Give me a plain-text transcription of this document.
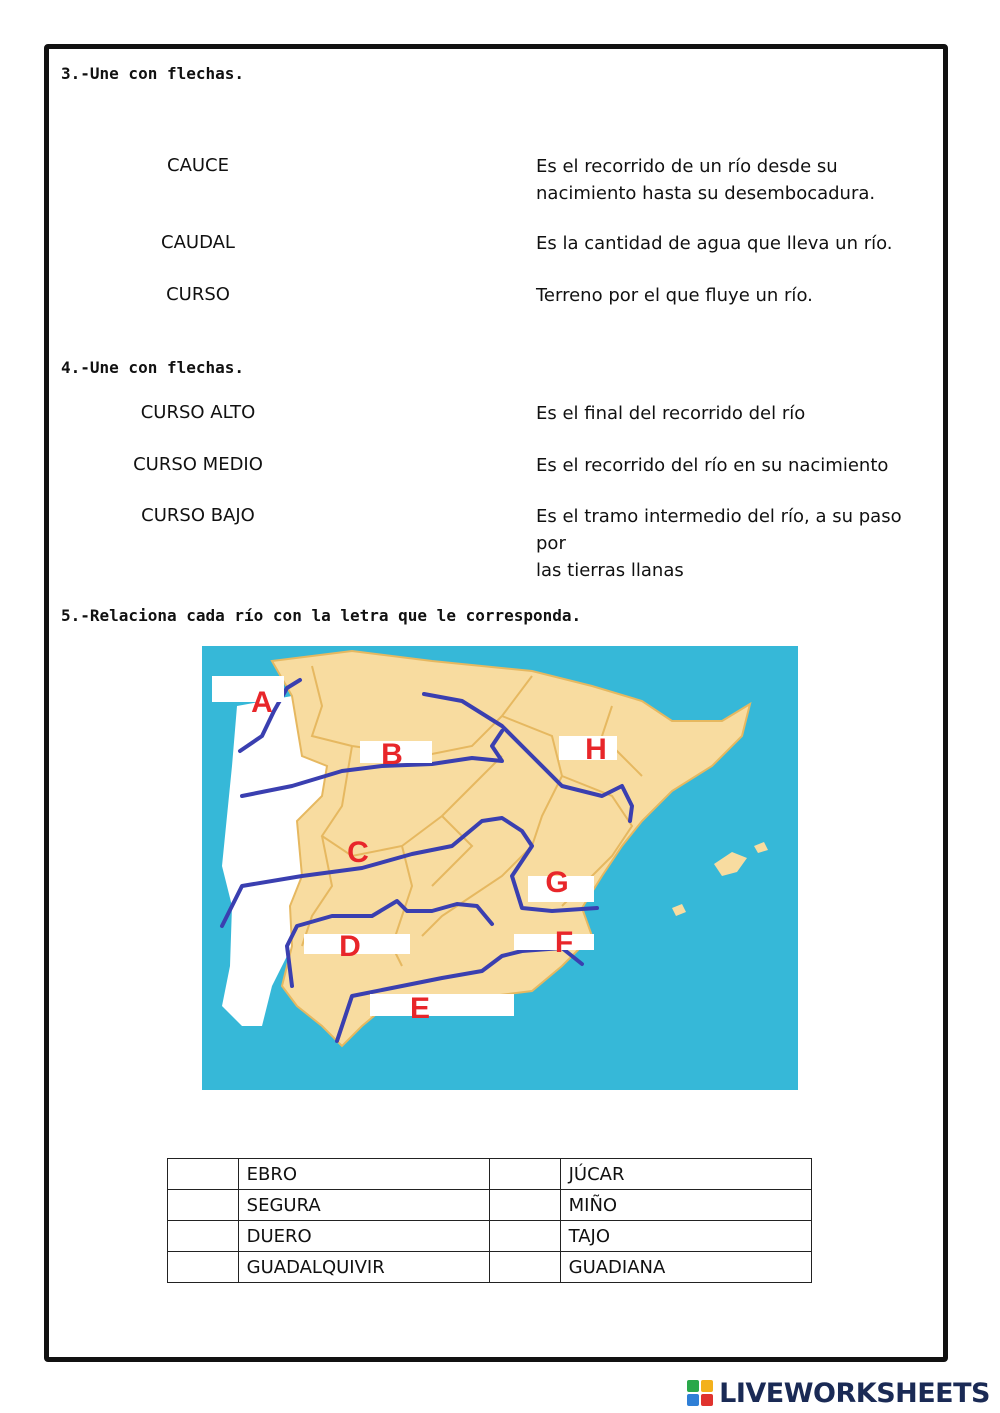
3.-Une con flechas.
CAUCE	Es el recorrido de un río desde su
nacimiento hasta su desembocadura.
CAUDAL	Es la cantidad de agua que lleva un río.
CURSO	Terreno por el que fluye un río.
4.-Une con flechas.
CURSO ALTO	Es el final del recorrido del río
CURSO MEDIO	Es el recorrido del río en su nacimiento
CURSO BAJO	Es el tramo intermedio del río, a su paso por
las tierras llanas
5.-Relaciona cada río con la letra que le corresponda.
A
B
C
D
E
F
G
H
	EBRO		JÚCAR
	SEGURA		MIÑO
	DUERO		TAJO
	GUADALQUIVIR		GUADIANA
LIVEWORKSHEETS
